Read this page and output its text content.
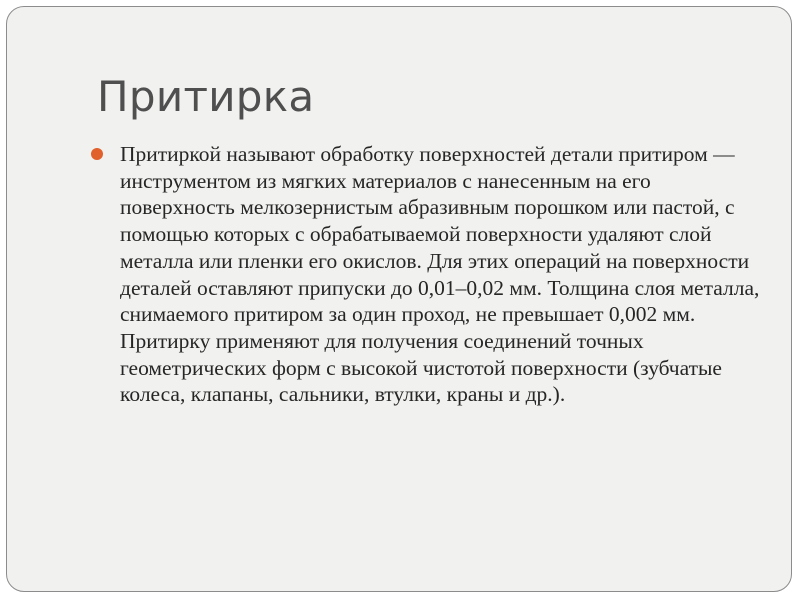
Притирка
Притиркой называют обработку поверхностей детали притиром — инструментом из мягких материалов с нанесенным на его поверхность мелкозернистым абразивным порошком или пастой, с помощью которых с обрабатываемой поверхности удаляют слой металла или пленки его окислов. Для этих операций на поверхности деталей оставляют припуски до 0,01–0,02 мм. Толщина слоя металла, снимаемого притиром за один проход, не превышает 0,002 мм. Притирку применяют для получения соединений точных геометрических форм с высокой чистотой поверхности (зубчатые колеса, клапаны, сальники, втулки, краны и др.).
